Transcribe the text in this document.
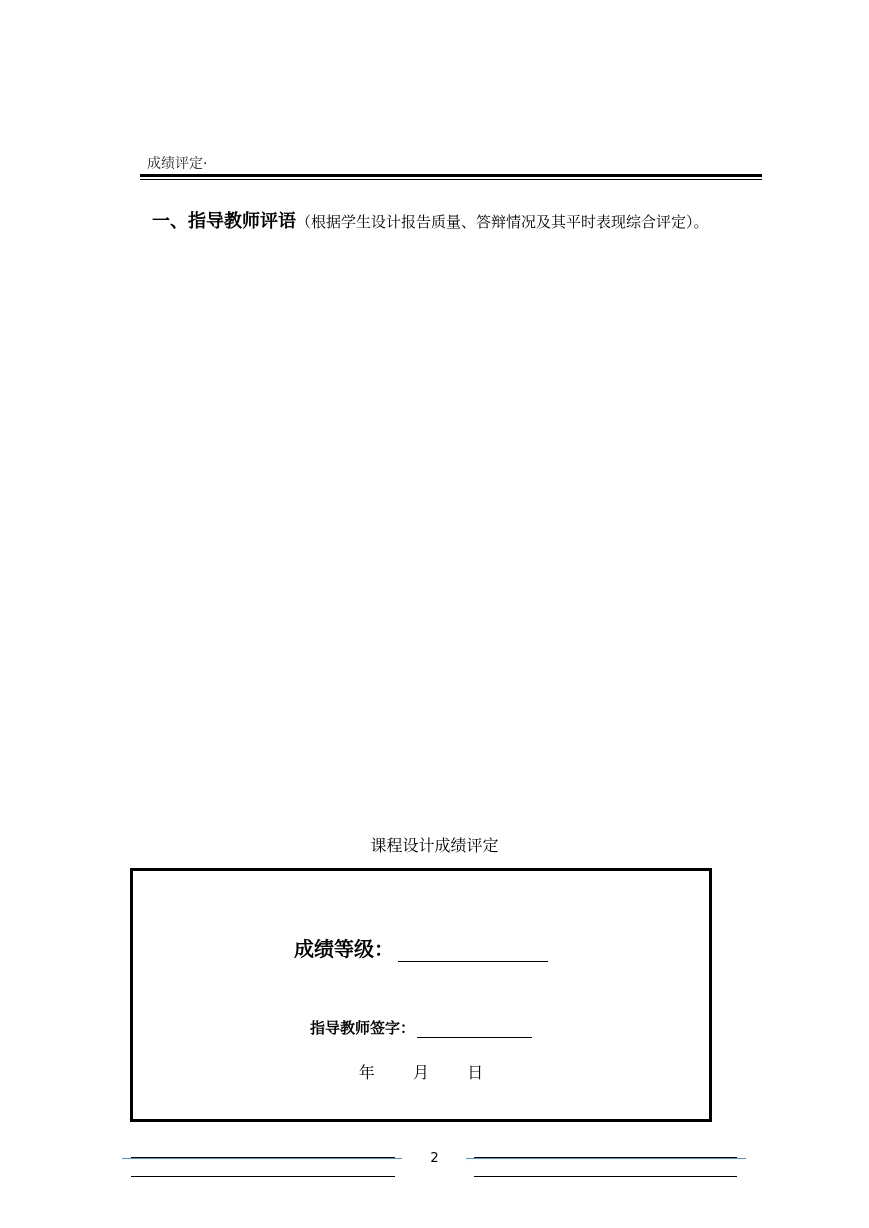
成绩评定·
一、指导教师评语（根据学生设计报告质量、答辩情况及其平时表现综合评定）。
课程设计成绩评定
成绩等级：
指导教师签字：
年 月 日
2
